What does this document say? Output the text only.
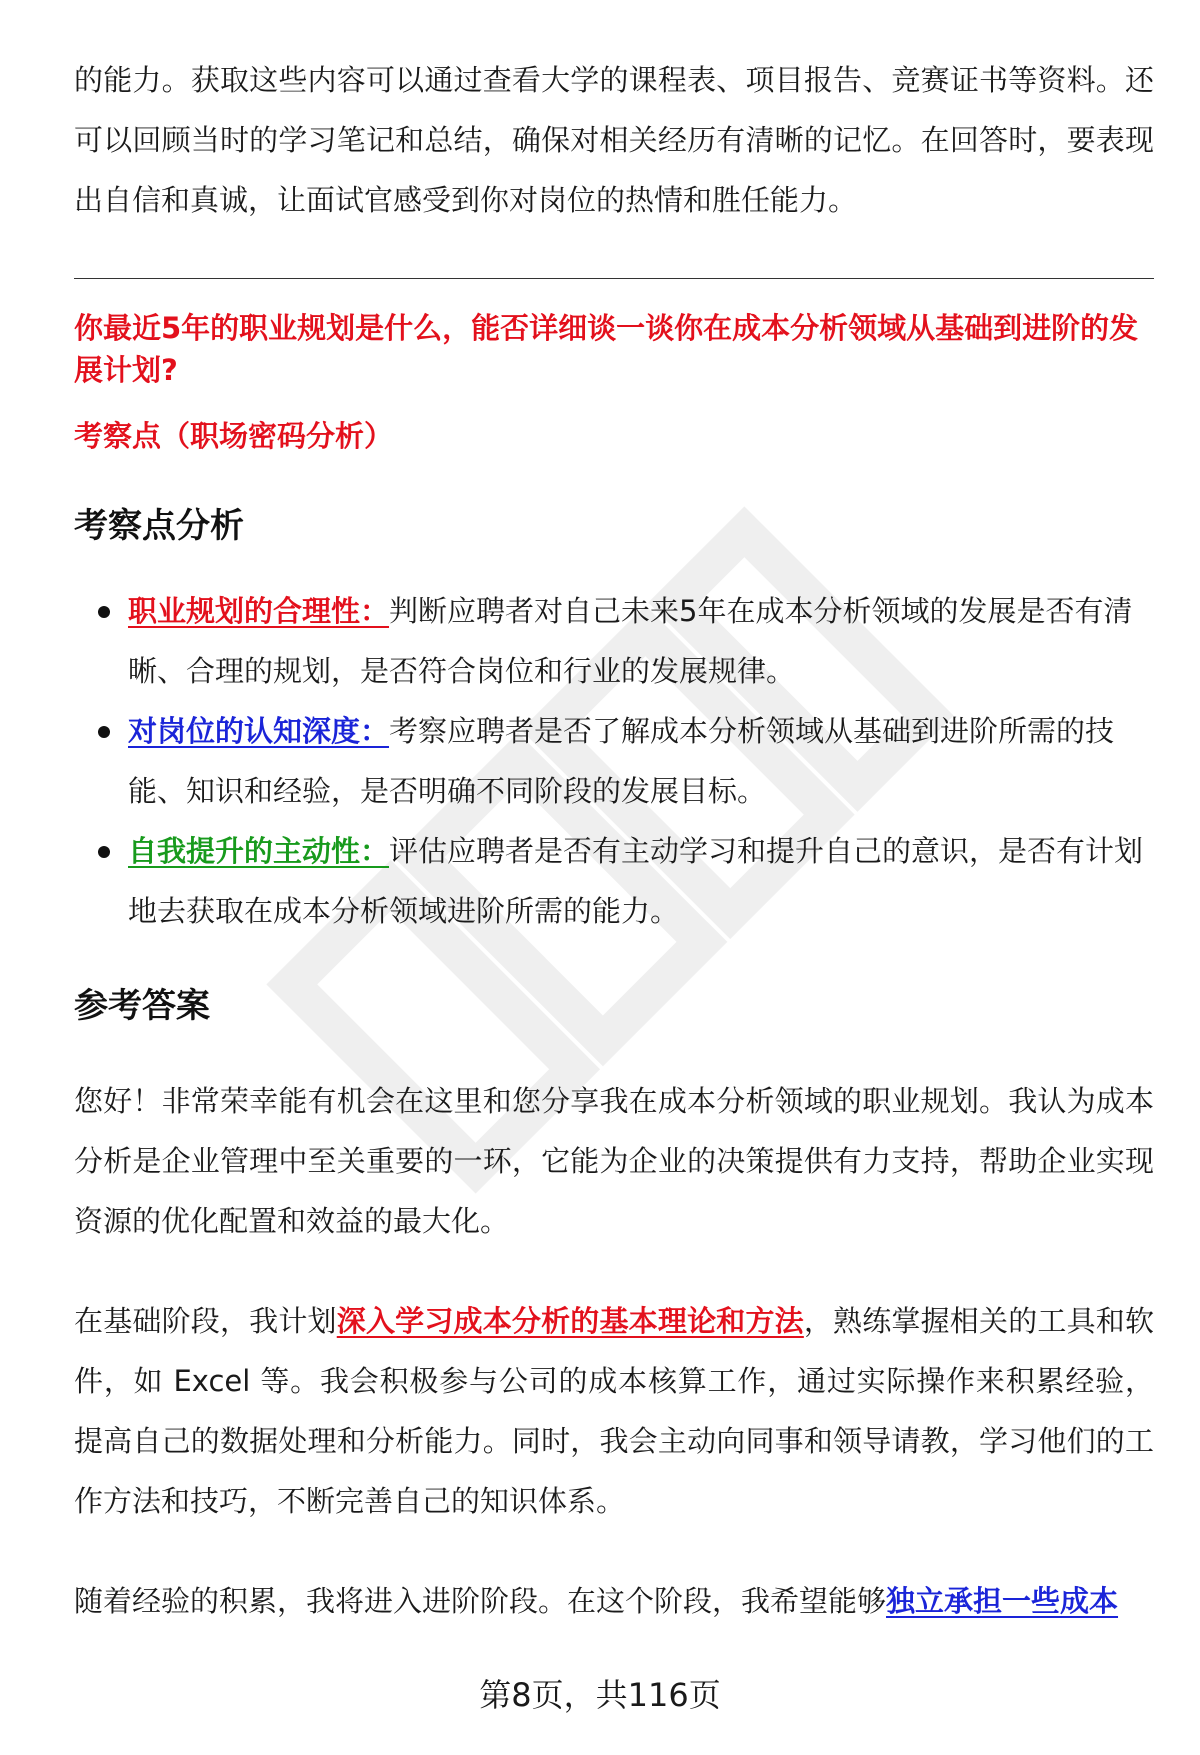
的能力。获取这些内容可以通过查看大学的课程表、项目报告、竞赛证书等资料。还可以回顾当时的学习笔记和总结，确保对相关经历有清晰的记忆。在回答时，要表现出自信和真诚，让面试官感受到你对岗位的热情和胜任能力。

你最近5年的职业规划是什么，能否详细谈一谈你在成本分析领域从基础到进阶的发展计划?

考察点（职场密码分析）

考察点分析
职业规划的合理性：判断应聘者对自己未来5年在成本分析领域的发展是否有清晰、合理的规划，是否符合岗位和行业的发展规律。
对岗位的认知深度：考察应聘者是否了解成本分析领域从基础到进阶所需的技能、知识和经验，是否明确不同阶段的发展目标。
自我提升的主动性：评估应聘者是否有主动学习和提升自己的意识，是否有计划地去获取在成本分析领域进阶所需的能力。
参考答案

您好！非常荣幸能有机会在这里和您分享我在成本分析领域的职业规划。我认为成本分析是企业管理中至关重要的一环，它能为企业的决策提供有力支持，帮助企业实现资源的优化配置和效益的最大化。

在基础阶段，我计划深入学习成本分析的基本理论和方法，熟练掌握相关的工具和软件，如 Excel 等。我会积极参与公司的成本核算工作，通过实际操作来积累经验，提高自己的数据处理和分析能力。同时，我会主动向同事和领导请教，学习他们的工作方法和技巧，不断完善自己的知识体系。

随着经验的积累，我将进入进阶阶段。在这个阶段，我希望能够独立承担一些成本

第8页，共116页
